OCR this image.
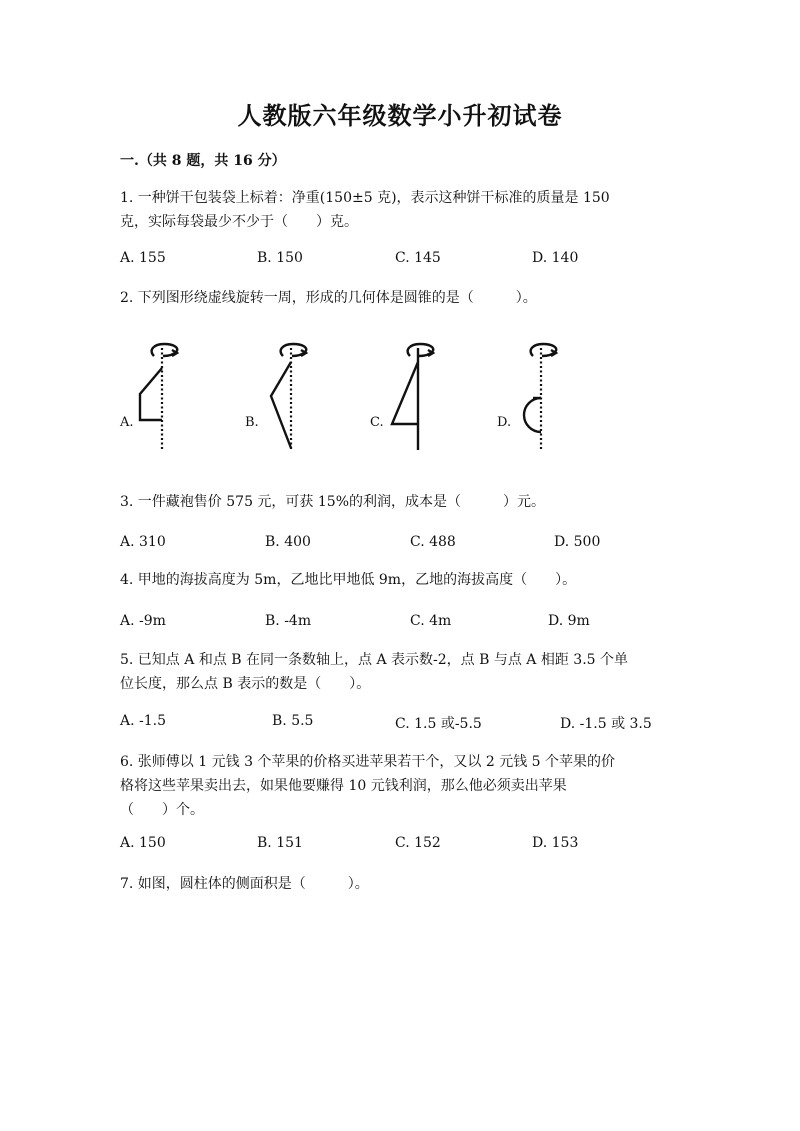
人教版六年级数学小升初试卷
一.（共 8 题，共 16 分）
1. 一种饼干包装袋上标着：净重(150±5 克)，表示这种饼干标准的质量是 150
克，实际每袋最少不少于（　　）克。
A. 155	B. 150	C. 145	D. 140
2. 下列图形绕虚线旋转一周，形成的几何体是圆锥的是（　　　）。
A.	B.	C.	D.
3. 一件藏袍售价 575 元，可获 15%的利润，成本是（　　　）元。
A. 310	B. 400	C. 488	D. 500
4. 甲地的海拔高度为 5m，乙地比甲地低 9m，乙地的海拔高度（　　）。
A. -9m	B. -4m	C. 4m	D. 9m
5. 已知点 A 和点 B 在同一条数轴上，点 A 表示数-2，点 B 与点 A 相距 3.5 个单
位长度，那么点 B 表示的数是（　　）。
A. -1.5	B. 5.5	C. 1.5 或-5.5	D. -1.5 或 3.5
6. 张师傅以 1 元钱 3 个苹果的价格买进苹果若干个，又以 2 元钱 5 个苹果的价
格将这些苹果卖出去，如果他要赚得 10 元钱利润，那么他必须卖出苹果
（　　）个。
A. 150	B. 151	C. 152	D. 153
7. 如图，圆柱体的侧面积是（　　　）。
